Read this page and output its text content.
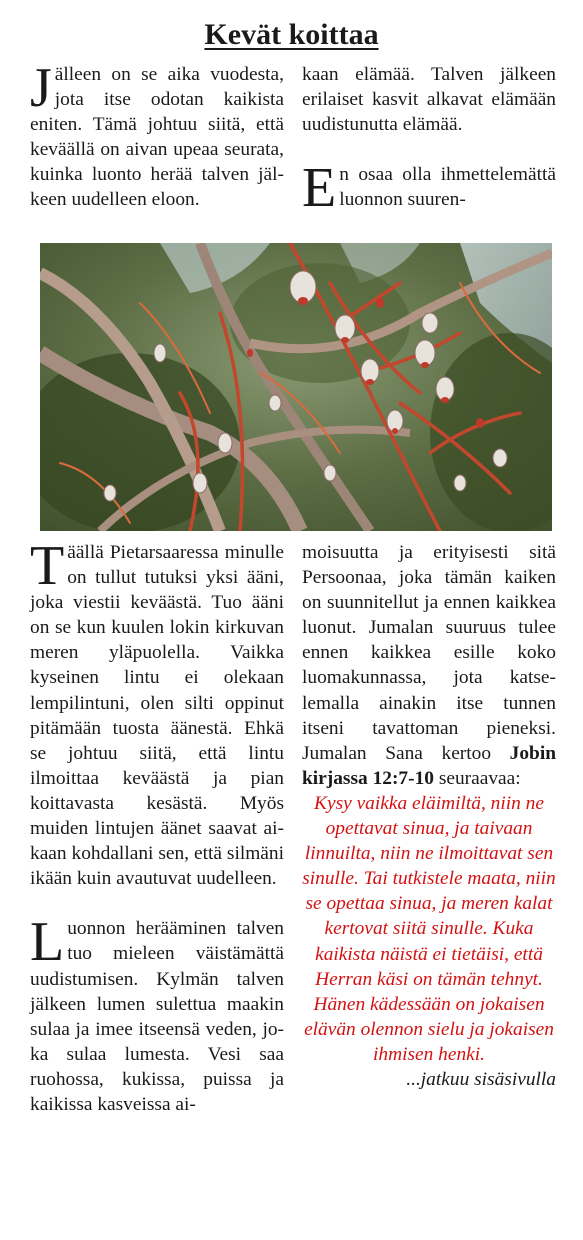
Kevät koittaa

Jälleen on se aika vuodesta, jota itse odotan kaikista eniten. Tämä johtuu siitä, että keväällä on aivan upeaa seurata, kuinka luonto herää talven jälkeen uudelleen eloon.

kaan elämää. Talven jälkeen erilaiset kasvit alkavat elämään uudistunutta elämää.

En osaa olla ihmettelemättä luonnon suuren-

Täällä Pietarsaaressa minulle on tullut tutuksi yksi ääni, joka viestii keväästä. Tuo ääni on se kun kuulen lokin kirkuvan meren yläpuolella. Vaikka kyseinen lintu ei olekaan lempilintuni, olen silti oppinut pitämään tuosta äänestä. Ehkä se johtuu siitä, että lintu ilmoittaa keväästä ja pian koittavasta kesästä. Myös muiden lintujen äänet saavat aikaan kohdallani sen, että silmäni ikään kuin avautuvat uudelleen.

Luonnon herääminen talven tuo mieleen väistämättä uudistumisen. Kylmän talven jälkeen lumen sulettua maakin sulaa ja imee itseensä veden, joka sulaa lumesta. Vesi saa ruohossa, kukissa, puissa ja kaikissa kasveissa ai-

moisuutta ja erityisesti sitä Persoonaa, joka tämän kaiken on suunnitellut ja ennen kaikkea luonut. Jumalan suuruus tulee ennen kaikkea esille koko luomakunnassa, jota katselemalla ainakin itse tunnen itseni tavattoman pieneksi. Jumalan Sana kertoo Jobin kirjassa 12:7-10 seuraavaa:

Kysy vaikka eläimiltä, niin ne opettavat sinua, ja taivaan linnuilta, niin ne ilmoittavat sen sinulle. Tai tutkistele maata, niin se opettaa sinua, ja meren kalat kertovat siitä sinulle. Kuka kaikista näistä ei tietäisi, että Herran käsi on tämän tehnyt. Hänen kädessään on jokaisen elävän olennon sielu ja jokaisen ihmisen henki.

...jatkuu sisäsivulla
